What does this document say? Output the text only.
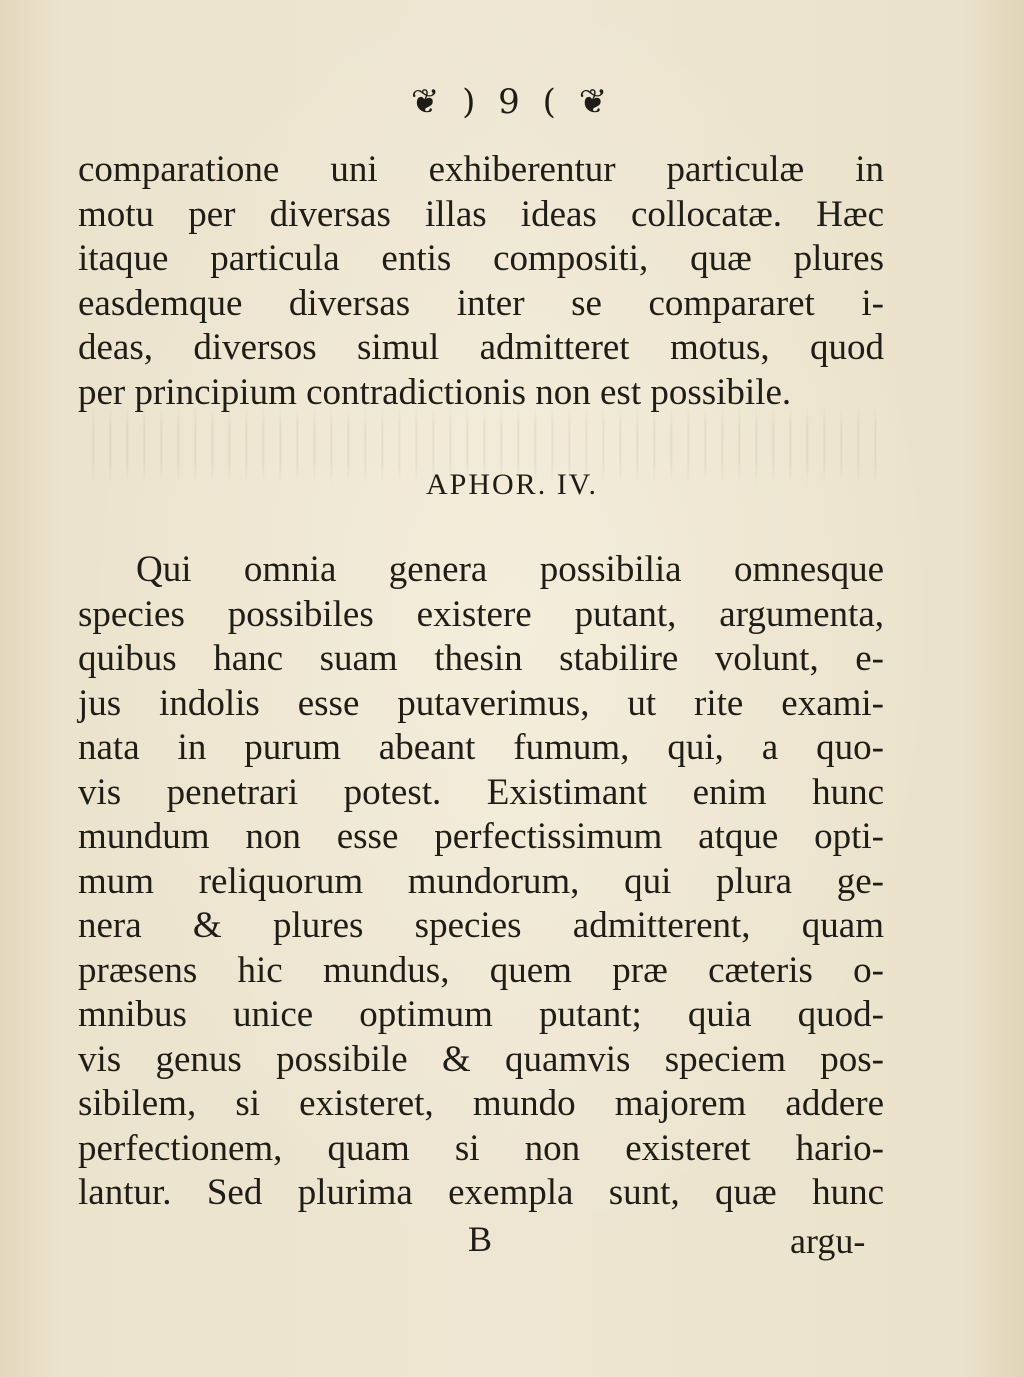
❦ ) 9 ( ❦
comparatione uni exhiberentur particulæ in
motu per diversas illas ideas collocatæ. Hæc
itaque particula entis compositi, quæ plures
easdemque diversas inter se compararet i-
deas, diversos simul admitteret motus, quod
per principium contradictionis non est possibile.
APHOR. IV.
Qui omnia genera possibilia omnesque
species possibiles existere putant, argumenta,
quibus hanc suam thesin stabilire volunt, e-
jus indolis esse putaverimus, ut rite exami-
nata in purum abeant fumum, qui, a quo-
vis penetrari potest. Existimant enim hunc
mundum non esse perfectissimum atque opti-
mum reliquorum mundorum, qui plura ge-
nera & plures species admitterent, quam
præsens hic mundus, quem præ cæteris o-
mnibus unice optimum putant; quia quod-
vis genus possibile & quamvis speciem pos-
sibilem, si existeret, mundo majorem addere
perfectionem, quam si non existeret hario-
lantur. Sed plurima exempla sunt, quæ hunc
B	argu-
